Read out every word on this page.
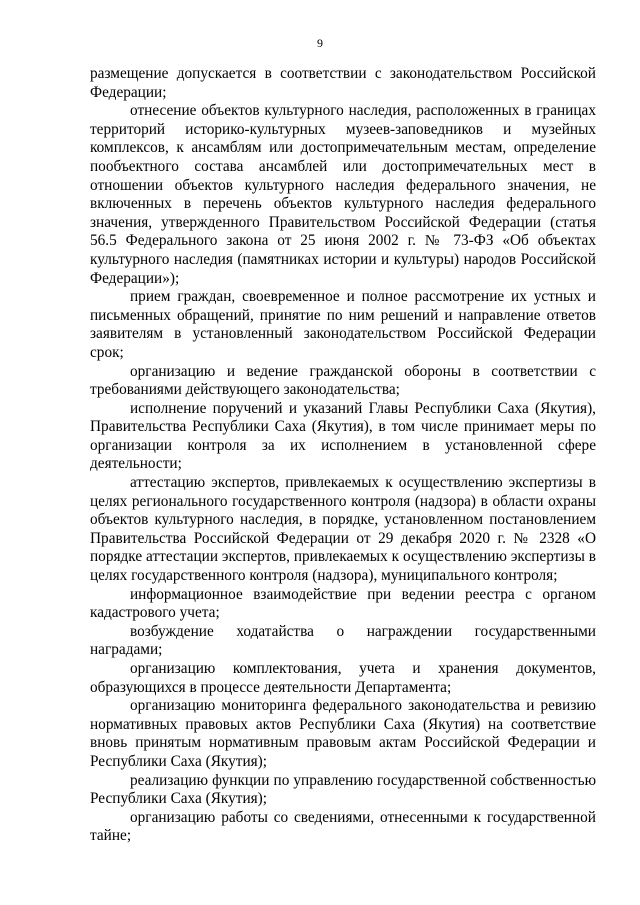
9

размещение допускается в соответствии с законодательством Российской Федерации;

отнесение объектов культурного наследия, расположенных в границах территорий историко-культурных музеев-заповедников и музейных комплексов, к ансамблям или достопримечательным местам, определение пообъектного состава ансамблей или достопримечательных мест в отношении объектов культурного наследия федерального значения, не включенных в перечень объектов культурного наследия федерального значения, утвержденного Правительством Российской Федерации (статья 56.5 Федерального закона от 25 июня 2002 г. № 73-ФЗ «Об объектах культурного наследия (памятниках истории и культуры) народов Российской Федерации»);

прием граждан, своевременное и полное рассмотрение их устных и письменных обращений, принятие по ним решений и направление ответов заявителям в установленный законодательством Российской Федерации срок;

организацию и ведение гражданской обороны в соответствии с требованиями действующего законодательства;

исполнение поручений и указаний Главы Республики Саха (Якутия), Правительства Республики Саха (Якутия), в том числе принимает меры по организации контроля за их исполнением в установленной сфере деятельности;

аттестацию экспертов, привлекаемых к осуществлению экспертизы в целях регионального государственного контроля (надзора) в области охраны объектов культурного наследия, в порядке, установленном постановлением Правительства Российской Федерации от 29 декабря 2020 г. № 2328 «О порядке аттестации экспертов, привлекаемых к осуществлению экспертизы в целях государственного контроля (надзора), муниципального контроля;

информационное взаимодействие при ведении реестра с органом кадастрового учета;

возбуждение ходатайства о награждении государственными наградами;

организацию комплектования, учета и хранения документов, образующихся в процессе деятельности Департамента;

организацию мониторинга федерального законодательства и ревизию нормативных правовых актов Республики Саха (Якутия) на соответствие вновь принятым нормативным правовым актам Российской Федерации и Республики Саха (Якутия);

реализацию функции по управлению государственной собственностью Республики Саха (Якутия);

организацию работы со сведениями, отнесенными к государственной тайне;
